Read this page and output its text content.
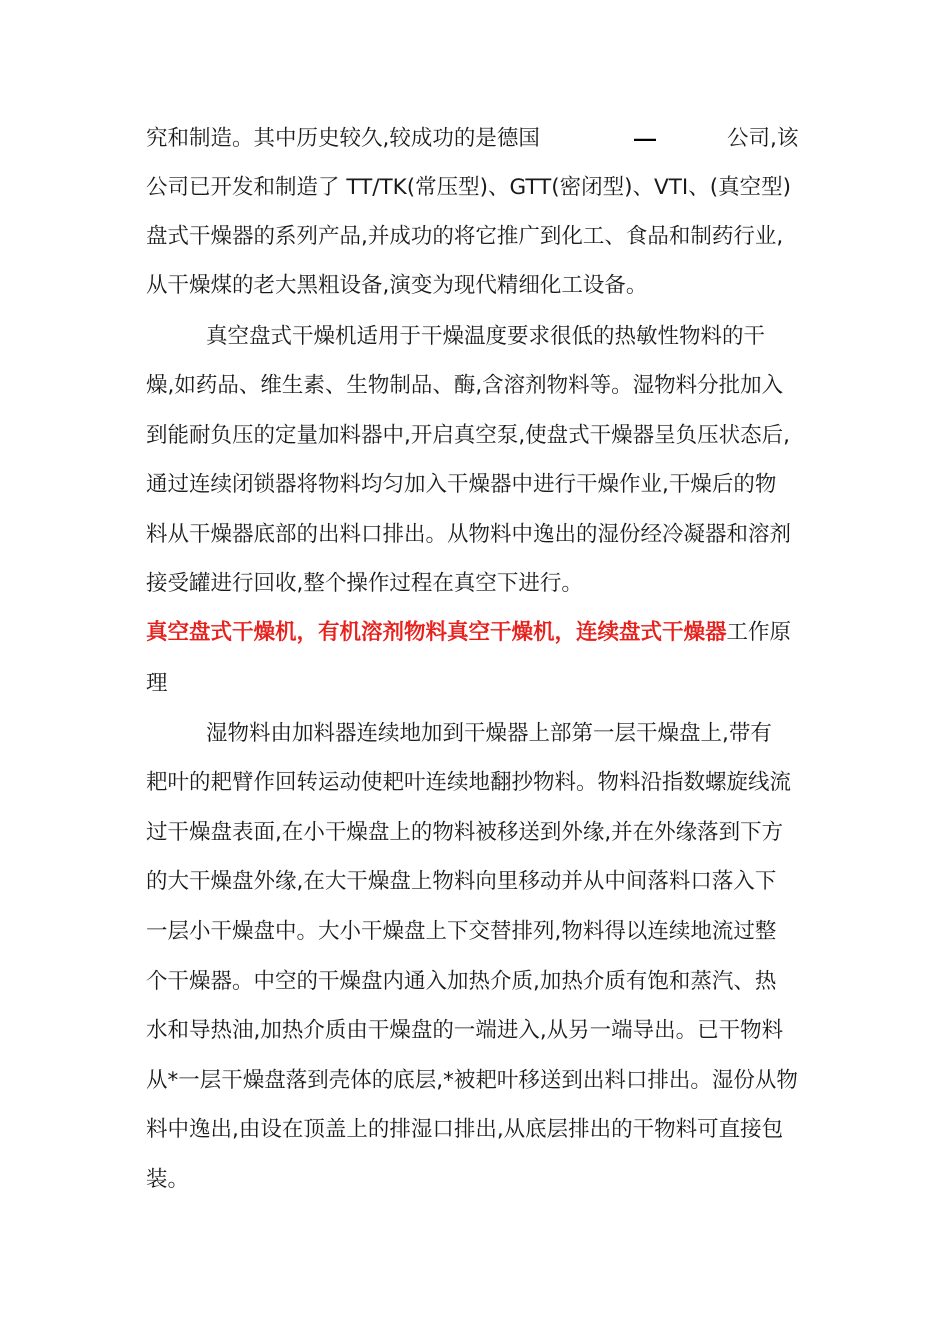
究和制造。其中历史较久,较成功的是德国	—	公司,该
公司已开发和制造了 TT/TK(常压型)、GTT(密闭型)、VTI、(真空型)
盘式干燥器的系列产品,并成功的将它推广到化工、食品和制药行业,
从干燥煤的老大黑粗设备,演变为现代精细化工设备。
真空盘式干燥机适用于干燥温度要求很低的热敏性物料的干
燥,如药品、维生素、生物制品、酶,含溶剂物料等。湿物料分批加入
到能耐负压的定量加料器中,开启真空泵,使盘式干燥器呈负压状态后,
通过连续闭锁器将物料均匀加入干燥器中进行干燥作业,干燥后的物
料从干燥器底部的出料口排出。从物料中逸出的湿份经冷凝器和溶剂
接受罐进行回收,整个操作过程在真空下进行。
真空盘式干燥机，有机溶剂物料真空干燥机，连续盘式干燥器工作原
理
湿物料由加料器连续地加到干燥器上部第一层干燥盘上,带有
耙叶的耙臂作回转运动使耙叶连续地翻抄物料。物料沿指数螺旋线流
过干燥盘表面,在小干燥盘上的物料被移送到外缘,并在外缘落到下方
的大干燥盘外缘,在大干燥盘上物料向里移动并从中间落料口落入下
一层小干燥盘中。大小干燥盘上下交替排列,物料得以连续地流过整
个干燥器。中空的干燥盘内通入加热介质,加热介质有饱和蒸汽、热
水和导热油,加热介质由干燥盘的一端进入,从另一端导出。已干物料
从*一层干燥盘落到壳体的底层,*被耙叶移送到出料口排出。湿份从物
料中逸出,由设在顶盖上的排湿口排出,从底层排出的干物料可直接包
装。
